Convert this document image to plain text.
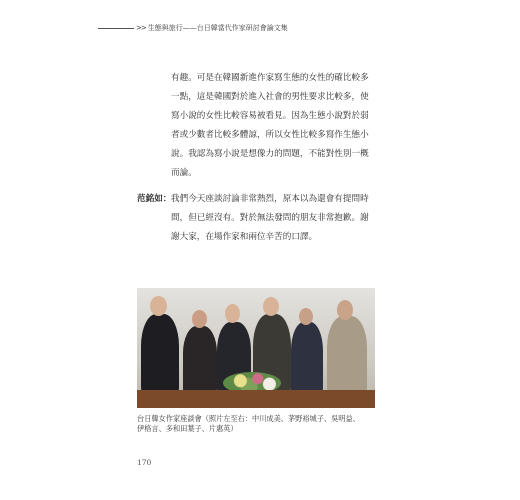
>> 生態與旅行——台日韓當代作家研討會論文集
有趣。可是在韓國新進作家寫生態的女性的確比較多
一點，這是韓國對於進入社會的男性要求比較多，使
寫小說的女性比較容易被看見。因為生態小說對於弱
者或少數者比較多體諒，所以女性比較多寫作生態小
說。我認為寫小說是想像力的問題，不能對性別一概
而論。
范銘如： 我們今天座談討論非常熱烈，原本以為還會有提問時
間，但已經沒有。對於無法發問的朋友非常抱歉。謝
謝大家，在場作家和兩位辛苦的口譯。
台日韓女作家座談會（照片左至右：中川成美、茅野裕城子、吳明益、
伊格言、多和田葉子、片惠英）
170
